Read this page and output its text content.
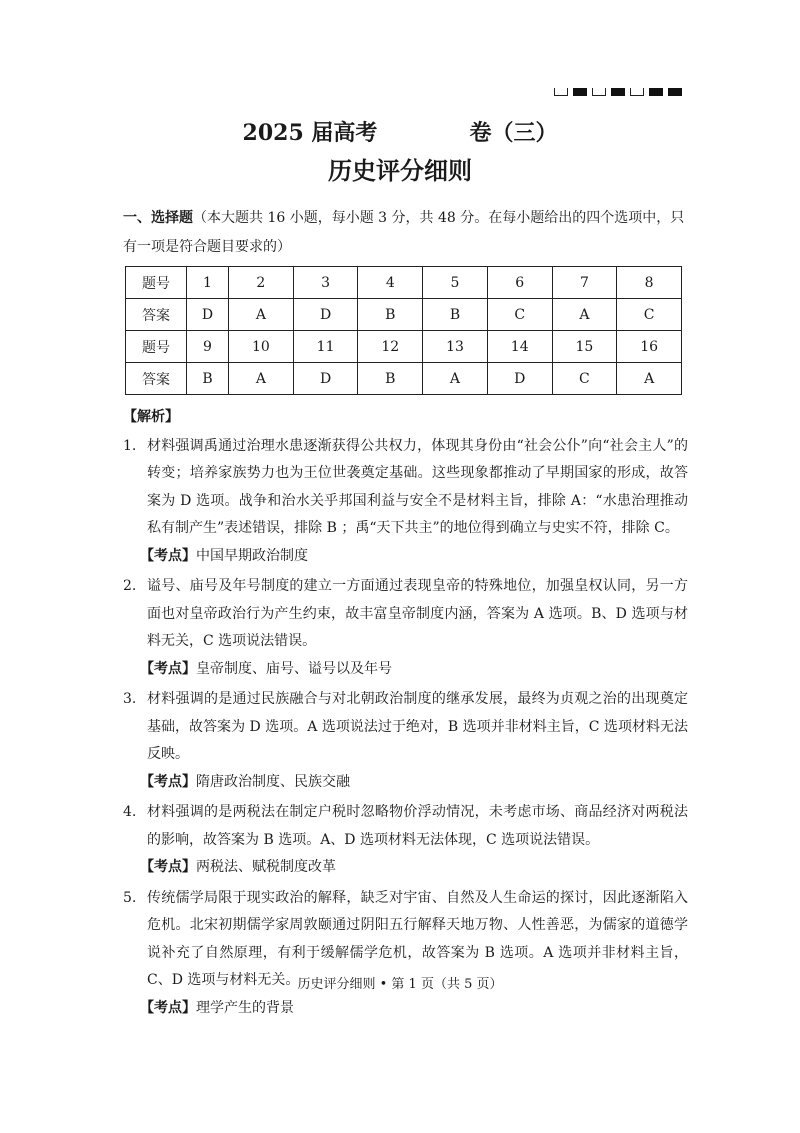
2025 届高考	卷（三）
历史评分细则
一、选择题（本大题共 16 小题，每小题 3 分，共 48 分。在每小题给出的四个选项中，只有一项是符合题目要求的）
题号	1	2	3	4	5	6	7	8
答案	D	A	D	B	B	C	A	C
题号	9	10	11	12	13	14	15	16
答案	B	A	D	B	A	D	C	A
【解析】
1. 材料强调禹通过治理水患逐渐获得公共权力，体现其身份由“社会公仆”向“社会主人”的转变；培养家族势力也为王位世袭奠定基础。这些现象都推动了早期国家的形成，故答案为 D 选项。战争和治水关乎邦国利益与安全不是材料主旨，排除 A：“水患治理推动私有制产生”表述错误，排除 B ；禹“天下共主”的地位得到确立与史实不符，排除 C。
【考点】中国早期政治制度
2. 谥号、庙号及年号制度的建立一方面通过表现皇帝的特殊地位，加强皇权认同，另一方面也对皇帝政治行为产生约束，故丰富皇帝制度内涵，答案为 A 选项。B、D 选项与材料无关，C 选项说法错误。
【考点】皇帝制度、庙号、谥号以及年号
3. 材料强调的是通过民族融合与对北朝政治制度的继承发展，最终为贞观之治的出现奠定基础，故答案为 D 选项。A 选项说法过于绝对，B 选项并非材料主旨，C 选项材料无法反映。
【考点】隋唐政治制度、民族交融
4. 材料强调的是两税法在制定户税时忽略物价浮动情况，未考虑市场、商品经济对两税法的影响，故答案为 B 选项。A、D 选项材料无法体现，C 选项说法错误。
【考点】两税法、赋税制度改革
5. 传统儒学局限于现实政治的解释，缺乏对宇宙、自然及人生命运的探讨，因此逐渐陷入危机。北宋初期儒学家周敦颐通过阴阳五行解释天地万物、人性善恶，为儒家的道德学说补充了自然原理，有利于缓解儒学危机，故答案为 B 选项。A 选项并非材料主旨，C、D 选项与材料无关。
【考点】理学产生的背景
历史评分细则 • 第 1 页（共 5 页）
